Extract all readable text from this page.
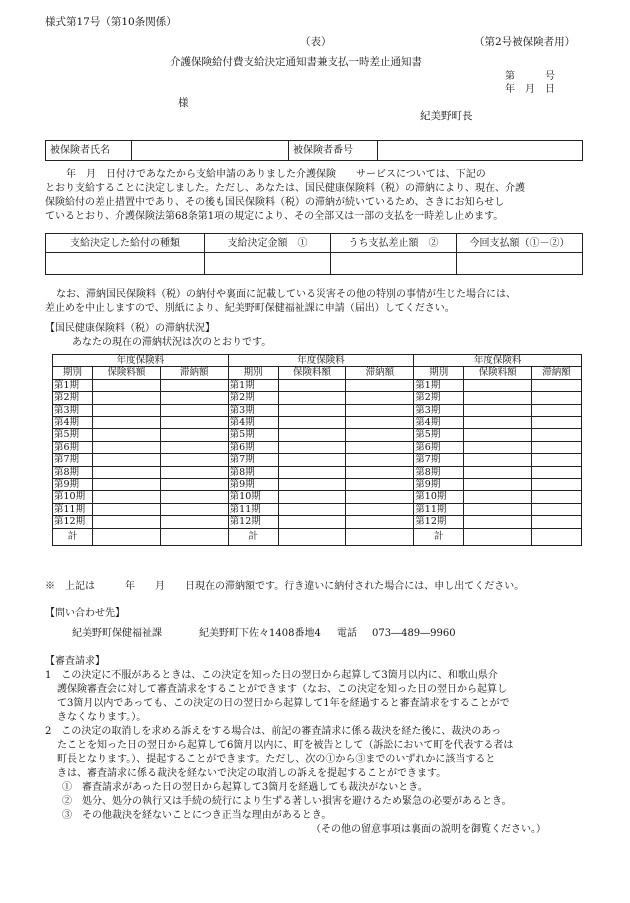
様式第17号（第10条関係）
（表）	（第2号被保険者用）
介護保険給付費支給決定通知書兼支払一時差止通知書
第　　　号
年　月　日
様
紀美野町長
被保険者氏名		被保険者番号	
年　月　日付けであなたから支給申請のありました介護保険　　サービスについては、下記の
とおり支給することに決定しました。ただし、あなたは、国民健康保険料（税）の滞納により、現在、介護
保険給付の差止措置中であり、その後も国民保険料（税）の滞納が続いているため、さきにお知らせし
ているとおり、介護保険法第68条第1項の規定により、その全部又は一部の支払を一時差し止めます。
支給決定した給付の種類	支給決定金額　①	うち支払差止額　②	今回支払額（①－②）

なお、滞納国民保険料（税）の納付や裏面に記載している災害その他の特別の事情が生じた場合には、
差止めを中止しますので、別紙により、紀美野町保健福祉課に申請（届出）してください。
【国民健康保険料（税）の滞納状況】
あなたの現在の滞納状況は次のとおりです。
年度保険料			年度保険料			年度保険料		
期別	保険料額	滞納額	期別	保険料額	滞納額	期別	保険料額	滞納額
第1期			第1期			第1期		
第2期			第2期			第2期		
第3期			第3期			第3期		
第4期			第4期			第4期		
第5期			第5期			第5期		
第6期			第6期			第6期		
第7期			第7期			第7期		
第8期			第8期			第8期		
第9期			第9期			第9期		
第10期			第10期			第10期		
第11期			第11期			第11期		
第12期			第12期			第12期		
計			計			計		
※　上記は　　　年　　月　　日現在の滞納額です。行き違いに納付された場合には、申し出てください。
【問い合わせ先】
紀美野町保健福祉課	紀美野町下佐々1408番地4 電話 073―489―9960
【審査請求】
1　この決定に不服があるときは、この決定を知った日の翌日から起算して3箇月以内に、和歌山県介
護保険審査会に対して審査請求をすることができます（なお、この決定を知った日の翌日から起算し
て3箇月以内であっても、この決定の日の翌日から起算して1年を経過すると審査請求をすることがで
きなくなります。）。
2　この決定の取消しを求める訴えをする場合は、前記の審査請求に係る裁決を経た後に、裁決のあっ
たことを知った日の翌日から起算して6箇月以内に、町を被告として（訴訟において町を代表する者は
町長となります。）、提起することができます。ただし、次の①から③までのいずれかに該当すると
きは、審査請求に係る裁決を経ないで決定の取消しの訴えを提起することができます。
①　審査請求があった日の翌日から起算して3箇月を経過しても裁決がないとき。
②　処分、処分の執行又は手続の続行により生ずる著しい損害を避けるため緊急の必要があるとき。
③　その他裁決を経ないことにつき正当な理由があるとき。
（その他の留意事項は裏面の説明を御覧ください。）
